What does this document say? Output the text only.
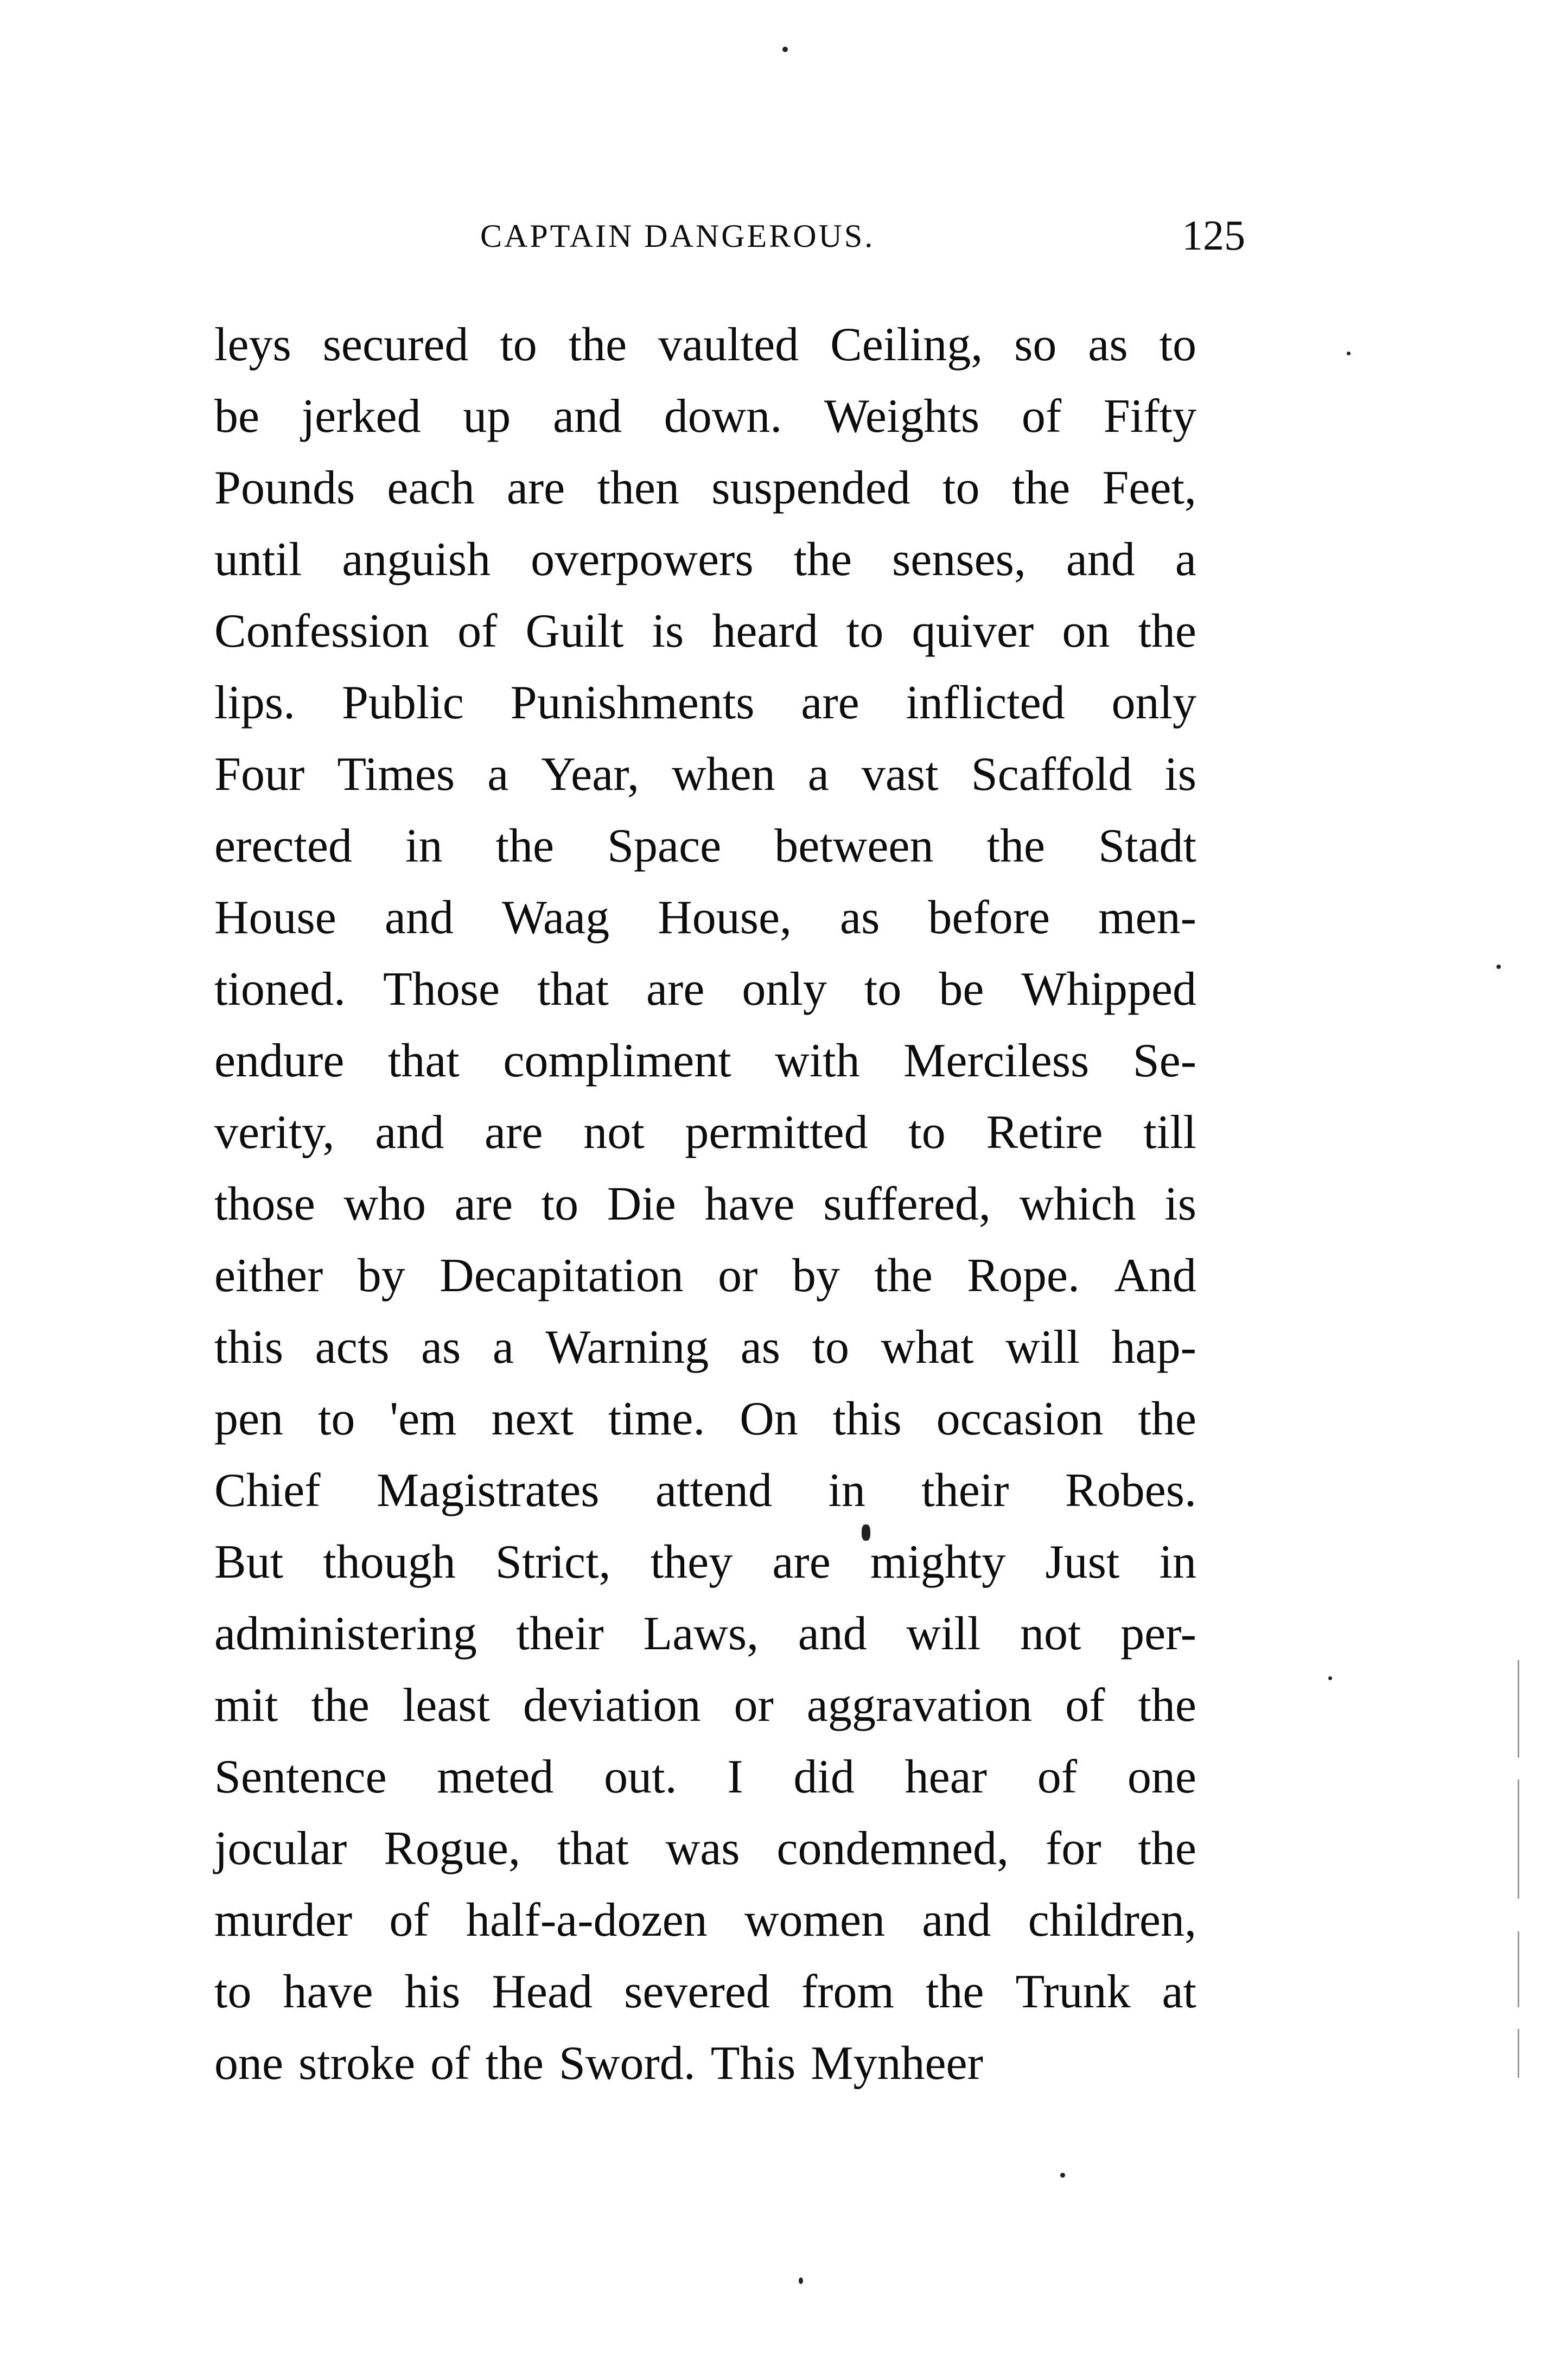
CAPTAIN DANGEROUS.	125
leys secured to the vaulted Ceiling, so as to
be jerked up and down. Weights of Fifty
Pounds each are then suspended to the Feet,
until anguish overpowers the senses, and a
Confession of Guilt is heard to quiver on the
lips. Public Punishments are inflicted only
Four Times a Year, when a vast Scaffold is
erected in the Space between the Stadt
House and Waag House, as before men-
tioned. Those that are only to be Whipped
endure that compliment with Merciless Se-
verity, and are not permitted to Retire till
those who are to Die have suffered, which is
either by Decapitation or by the Rope. And
this acts as a Warning as to what will hap-
pen to 'em next time. On this occasion the
Chief Magistrates attend in their Robes.
But though Strict, they are mighty Just in
administering their Laws, and will not per-
mit the least deviation or aggravation of the
Sentence meted out. I did hear of one
jocular Rogue, that was condemned, for the
murder of half-a-dozen women and children,
to have his Head severed from the Trunk at
one stroke of the Sword. This Mynheer
